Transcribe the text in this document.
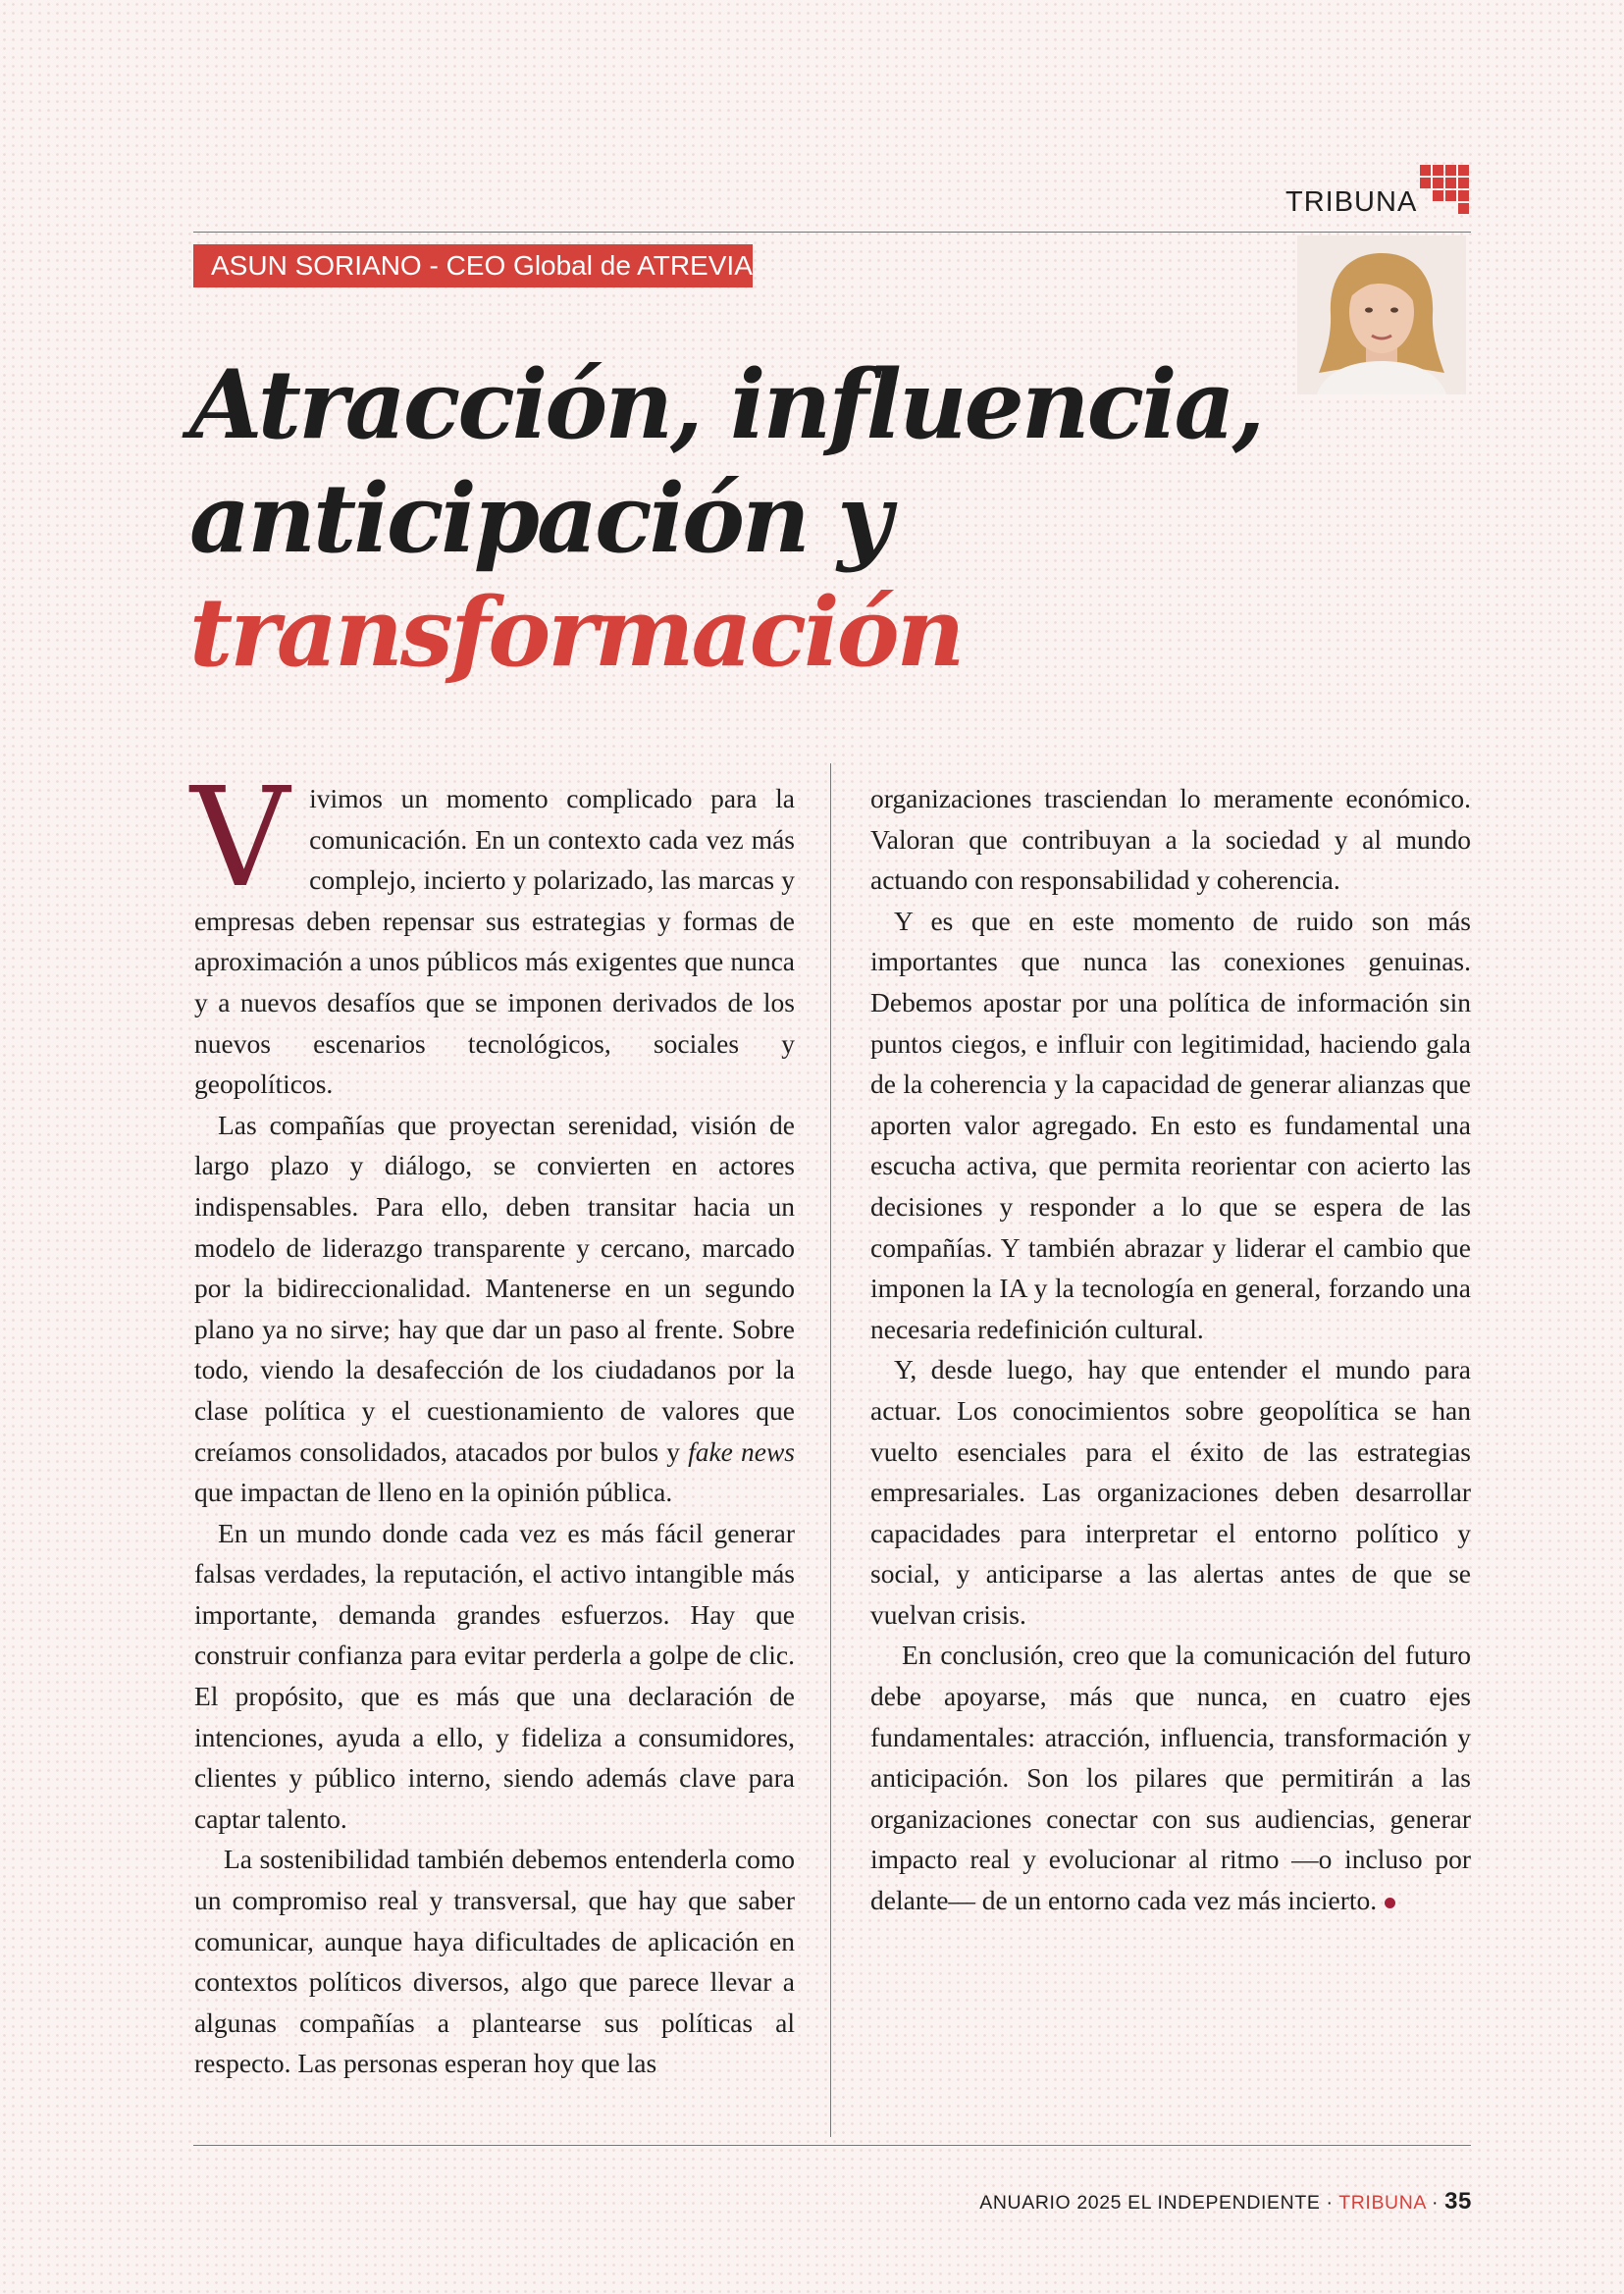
TRIBUNA
ASUN SORIANO - CEO Global de ATREVIA
Atracción, influencia,
anticipación y
transformación

Vivimos un momento complicado para la comunicación. En un contexto cada vez más complejo, incierto y polarizado, las marcas y empresas deben repensar sus estrategias y formas de aproximación a unos públicos más exigentes que nunca y a nuevos desafíos que se imponen derivados de los nuevos escenarios tecnológicos, sociales y geopolíticos.

Las compañías que proyectan serenidad, visión de largo plazo y diálogo, se convierten en actores indispensables. Para ello, deben transitar hacia un modelo de liderazgo transparente y cercano, marcado por la bidireccionalidad. Mantenerse en un segundo plano ya no sirve; hay que dar un paso al frente. Sobre todo, viendo la desafección de los ciudadanos por la clase política y el cuestionamiento de valores que creíamos consolidados, atacados por bulos y fake news que impactan de lleno en la opinión pública.

En un mundo donde cada vez es más fácil generar falsas verdades, la reputación, el activo intangible más importante, demanda grandes esfuerzos. Hay que construir confianza para evitar perderla a golpe de clic. El propósito, que es más que una declaración de intenciones, ayuda a ello, y fideliza a consumidores, clientes y público interno, siendo además clave para captar talento.

La sostenibilidad también debemos entenderla como un compromiso real y transversal, que hay que saber comunicar, aunque haya dificultades de aplicación en contextos políticos diversos, algo que parece llevar a algunas compañías a plantearse sus políticas al respecto. Las personas esperan hoy que las

organizaciones trasciendan lo meramente económico. Valoran que contribuyan a la sociedad y al mundo actuando con responsabilidad y coherencia.

Y es que en este momento de ruido son más importantes que nunca las conexiones genuinas. Debemos apostar por una política de información sin puntos ciegos, e influir con legitimidad, haciendo gala de la coherencia y la capacidad de generar alianzas que aporten valor agregado. En esto es fundamental una escucha activa, que permita reorientar con acierto las decisiones y responder a lo que se espera de las compañías. Y también abrazar y liderar el cambio que imponen la IA y la tecnología en general, forzando una necesaria redefinición cultural.

Y, desde luego, hay que entender el mundo para actuar. Los conocimientos sobre geopolítica se han vuelto esenciales para el éxito de las estrategias empresariales. Las organizaciones deben desarrollar capacidades para interpretar el entorno político y social, y anticiparse a las alertas antes de que se vuelvan crisis.

En conclusión, creo que la comunicación del futuro debe apoyarse, más que nunca, en cuatro ejes fundamentales: atracción, influencia, transformación y anticipación. Son los pilares que permitirán a las organizaciones conectar con sus audiencias, generar impacto real y evolucionar al ritmo —o incluso por delante— de un entorno cada vez más incierto.

ANUARIO 2025 EL INDEPENDIENTE · TRIBUNA · 35
